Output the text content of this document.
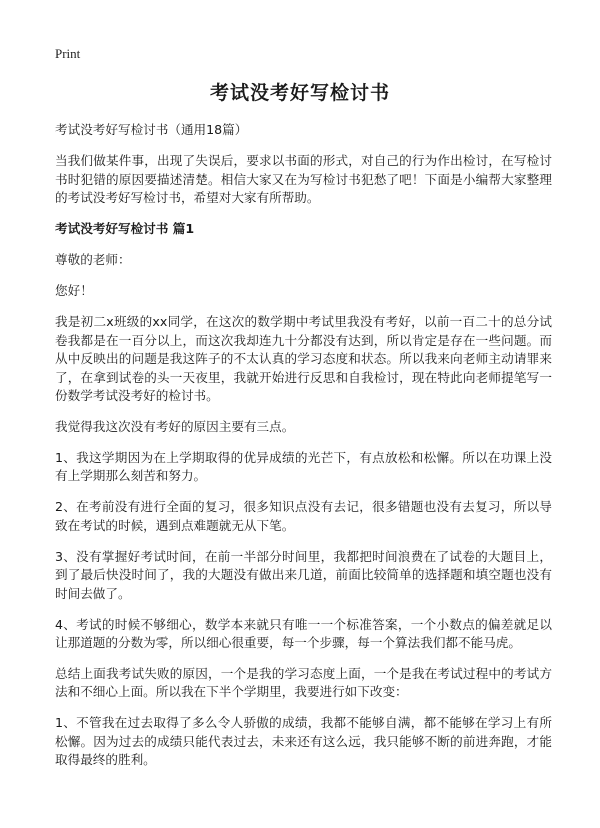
Print
考试没考好写检讨书

考试没考好写检讨书（通用18篇）

当我们做某件事，出现了失误后，要求以书面的形式，对自己的行为作出检讨，在写检讨书时犯错的原因要描述清楚。相信大家又在为写检讨书犯愁了吧！下面是小编帮大家整理的考试没考好写检讨书，希望对大家有所帮助。

考试没考好写检讨书 篇1

尊敬的老师：

您好！

我是初二x班级的xx同学，在这次的数学期中考试里我没有考好，以前一百二十的总分试卷我都是在一百分以上，而这次我却连九十分都没有达到，所以肯定是存在一些问题。而从中反映出的问题是我这阵子的不太认真的学习态度和状态。所以我来向老师主动请罪来了，在拿到试卷的头一天夜里，我就开始进行反思和自我检讨，现在特此向老师提笔写一份数学考试没考好的检讨书。

我觉得我这次没有考好的原因主要有三点。

1、我这学期因为在上学期取得的优异成绩的光芒下，有点放松和松懈。所以在功课上没有上学期那么刻苦和努力。

2、在考前没有进行全面的复习，很多知识点没有去记，很多错题也没有去复习，所以导致在考试的时候，遇到点难题就无从下笔。

3、没有掌握好考试时间，在前一半部分时间里，我都把时间浪费在了试卷的大题目上，到了最后快没时间了，我的大题没有做出来几道，前面比较简单的选择题和填空题也没有时间去做了。

4、考试的时候不够细心，数学本来就只有唯一一个标准答案，一个小数点的偏差就足以让那道题的分数为零，所以细心很重要，每一个步骤，每一个算法我们都不能马虎。

总结上面我考试失败的原因，一个是我的学习态度上面，一个是我在考试过程中的考试方法和不细心上面。所以我在下半个学期里，我要进行如下改变：

1、不管我在过去取得了多么令人骄傲的成绩，我都不能够自满，都不能够在学习上有所松懈。因为过去的成绩只能代表过去，未来还有这么远，我只能够不断的前进奔跑，才能取得最终的胜利。
